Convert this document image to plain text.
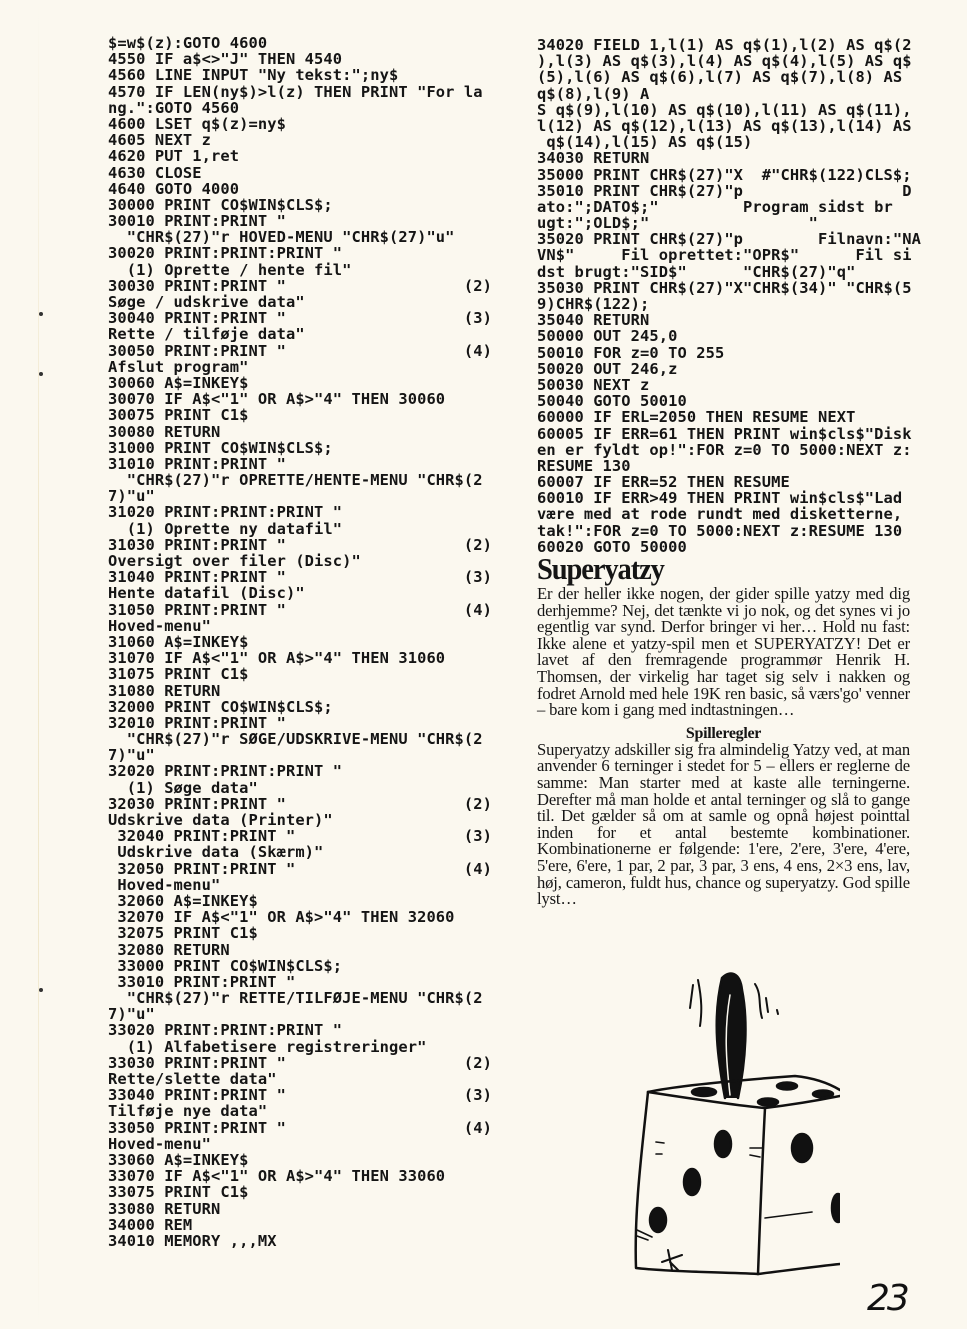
$=w$(z):GOTO 4600
4550 IF a$<>"J" THEN 4540
4560 LINE INPUT "Ny tekst:";ny$
4570 IF LEN(ny$)>l(z) THEN PRINT "For la
ng.":GOTO 4560
4600 LSET q$(z)=ny$
4605 NEXT z
4620 PUT 1,ret
4630 CLOSE
4640 GOTO 4000
30000 PRINT CO$WIN$CLS$;
30010 PRINT:PRINT "
"CHR$(27)"r HOVED-MENU "CHR$(27)"u"
30020 PRINT:PRINT:PRINT "
(1) Oprette / hente fil"
30030 PRINT:PRINT "                   (2)
Søge / udskrive data"
30040 PRINT:PRINT "                   (3)
Rette / tilføje data"
30050 PRINT:PRINT "                   (4)
Afslut program"
30060 A$=INKEY$
30070 IF A$<"1" OR A$>"4" THEN 30060
30075 PRINT C1$
30080 RETURN
31000 PRINT CO$WIN$CLS$;
31010 PRINT:PRINT "
"CHR$(27)"r OPRETTE/HENTE-MENU "CHR$(2
7)"u"
31020 PRINT:PRINT:PRINT "
(1) Oprette ny datafil"
31030 PRINT:PRINT "                   (2)
Oversigt over filer (Disc)"
31040 PRINT:PRINT "                   (3)
Hente datafil (Disc)"
31050 PRINT:PRINT "                   (4)
Hoved-menu"
31060 A$=INKEY$
31070 IF A$<"1" OR A$>"4" THEN 31060
31075 PRINT C1$
31080 RETURN
32000 PRINT CO$WIN$CLS$;
32010 PRINT:PRINT "
"CHR$(27)"r SØGE/UDSKRIVE-MENU "CHR$(2
7)"u"
32020 PRINT:PRINT:PRINT "
(1) Søge data"
32030 PRINT:PRINT "                   (2)
Udskrive data (Printer)"
32040 PRINT:PRINT "                  (3)
Udskrive data (Skærm)"
32050 PRINT:PRINT "                  (4)
Hoved-menu"
32060 A$=INKEY$
32070 IF A$<"1" OR A$>"4" THEN 32060
32075 PRINT C1$
32080 RETURN
33000 PRINT CO$WIN$CLS$;
33010 PRINT:PRINT "
"CHR$(27)"r RETTE/TILFØJE-MENU "CHR$(2
7)"u"
33020 PRINT:PRINT:PRINT "
(1) Alfabetisere registreringer"
33030 PRINT:PRINT "                   (2)
Rette/slette data"
33040 PRINT:PRINT "                   (3)
Tilføje nye data"
33050 PRINT:PRINT "                   (4)
Hoved-menu"
33060 A$=INKEY$
33070 IF A$<"1" OR A$>"4" THEN 33060
33075 PRINT C1$
33080 RETURN
34000 REM
34010 MEMORY ,,,MX
34020 FIELD 1,l(1) AS q$(1),l(2) AS q$(2
),l(3) AS q$(3),l(4) AS q$(4),l(5) AS q$
(5),l(6) AS q$(6),l(7) AS q$(7),l(8) AS
q$(8),l(9) A
S q$(9),l(10) AS q$(10),l(11) AS q$(11),
l(12) AS q$(12),l(13) AS q$(13),l(14) AS
q$(14),l(15) AS q$(15)
34030 RETURN
35000 PRINT CHR$(27)"X  #"CHR$(122)CLS$;
35010 PRINT CHR$(27)"p                 D
ato:";DATO$;"         Program sidst br
ugt:";OLD$;"                 "
35020 PRINT CHR$(27)"p        Filnavn:"NA
VN$"     Fil oprettet:"OPR$"      Fil si
dst brugt:"SID$"      "CHR$(27)"q"
35030 PRINT CHR$(27)"X"CHR$(34)" "CHR$(5
9)CHR$(122);
35040 RETURN
50000 OUT 245,0
50010 FOR z=0 TO 255
50020 OUT 246,z
50030 NEXT z
50040 GOTO 50010
60000 IF ERL=2050 THEN RESUME NEXT
60005 IF ERR=61 THEN PRINT win$cls$"Disk
en er fyldt op!":FOR z=0 TO 5000:NEXT z:
RESUME 130
60007 IF ERR=52 THEN RESUME
60010 IF ERR>49 THEN PRINT win$cls$"Lad
være med at rode rundt med disketterne,
tak!":FOR z=0 TO 5000:NEXT z:RESUME 130
60020 GOTO 50000
Superyatzy

Er der heller ikke nogen, der gider spille yatzy med dig derhjemme? Nej, det tænkte vi jo nok, og det synes vi jo egentlig var synd. Derfor bringer vi her… Hold nu fast: Ikke alene et yatzy-spil men et SUPERYATZY! Det er lavet af den fremragende programmør Henrik H. Thomsen, der virkelig har taget sig selv i nakken og fodret Arnold med hele 19K ren basic, så værs'go' venner – bare kom i gang med indtastningen…

Spilleregler

Superyatzy adskiller sig fra almindelig Yatzy ved, at man anvender 6 terninger i stedet for 5 – ellers er reglerne de samme: Man starter med at kaste alle terningerne. Derefter må man holde et antal terninger og slå to gange til. Det gælder så om at samle og opnå højest pointtal inden for et antal bestemte kombinationer. Kombinationerne er følgende: 1'ere, 2'ere, 3'ere, 4'ere, 5'ere, 6'ere, 1 par, 2 par, 3 par, 3 ens, 4 ens, 2×3 ens, lav, høj, cameron, fuldt hus, chance og superyatzy. God spille lyst…

23
